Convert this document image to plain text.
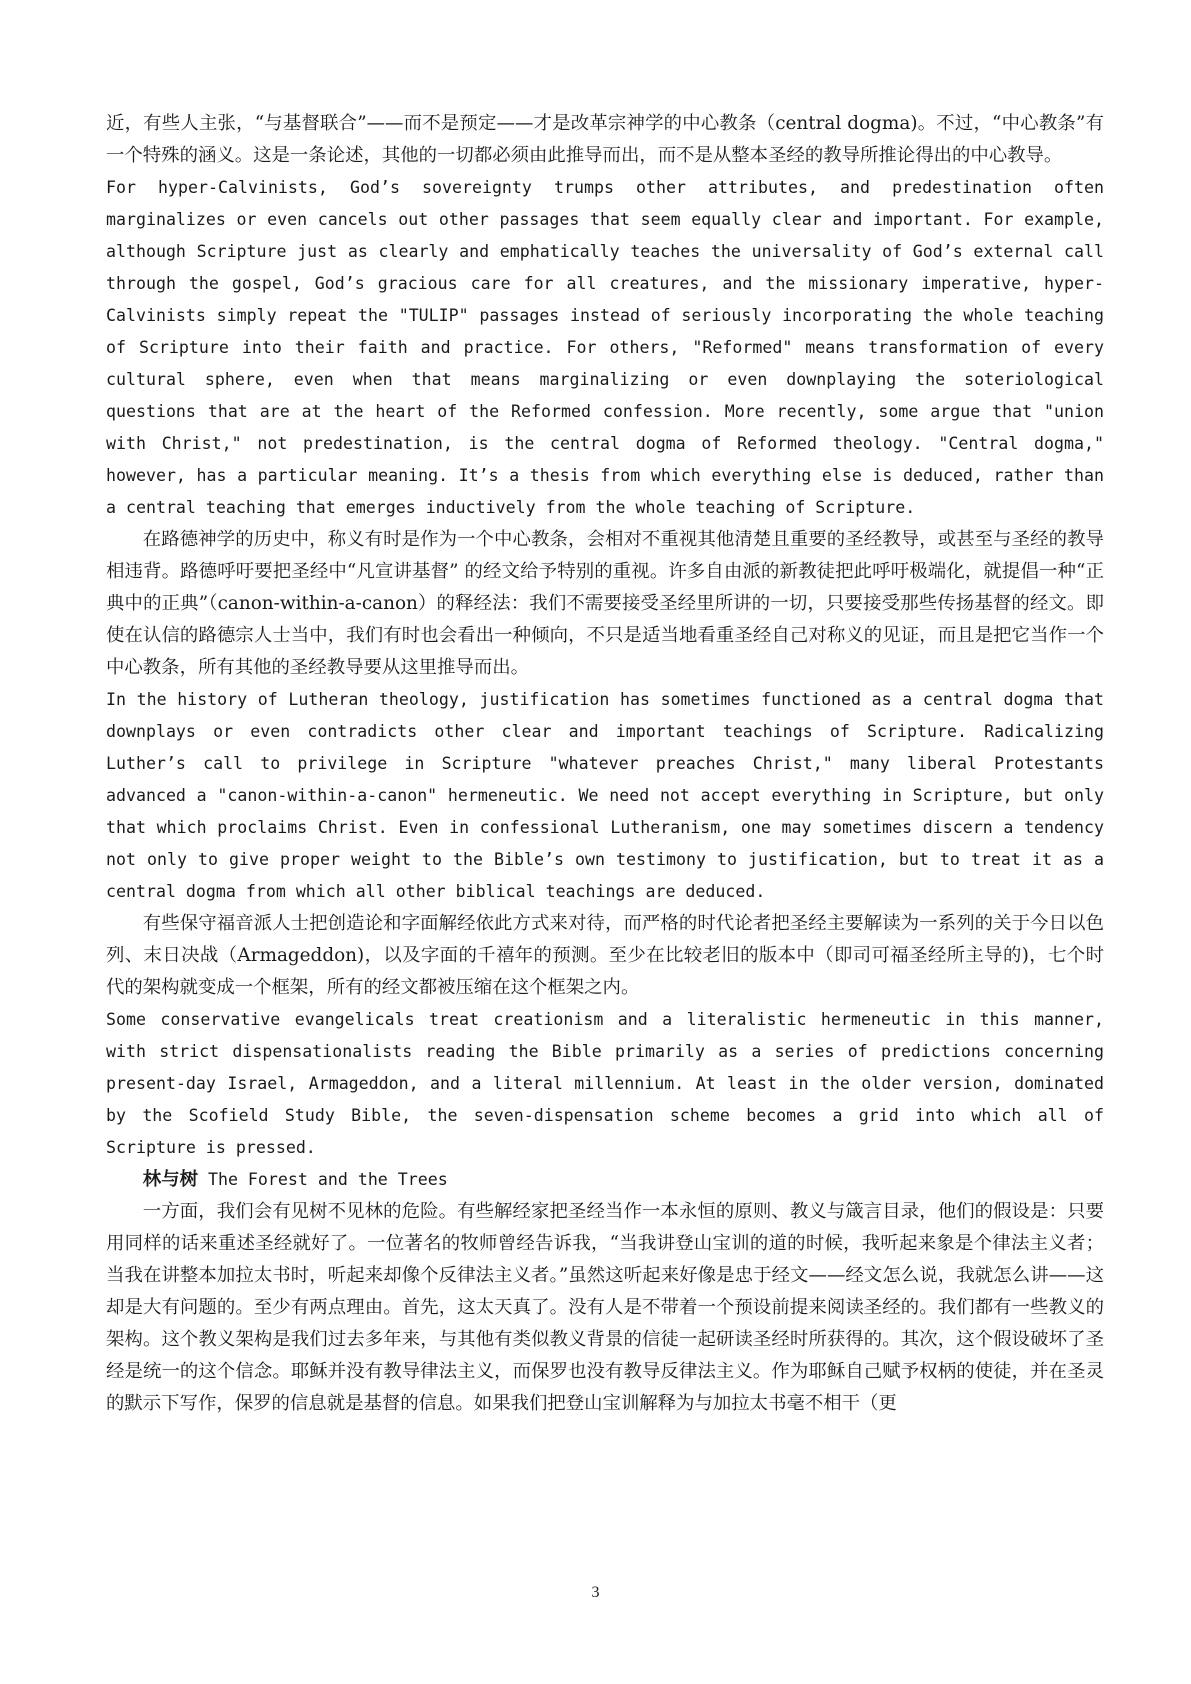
近，有些人主张，“与基督联合”——而不是预定——才是改革宗神学的中心教条（central dogma)。不过，“中心教条”有一个特殊的涵义。这是一条论述，其他的一切都必须由此推导而出，而不是从整本圣经的教导所推论得出的中心教导。

For hyper-Calvinists, God’s sovereignty trumps other attributes, and predestination often marginalizes or even cancels out other passages that seem equally clear and important. For example, although Scripture just as clearly and emphatically teaches the universality of God’s external call through the gospel, God’s gracious care for all creatures, and the missionary imperative, hyper-Calvinists simply repeat the "TULIP" passages instead of seriously incorporating the whole teaching of Scripture into their faith and practice. For others, "Reformed" means transformation of every cultural sphere, even when that means marginalizing or even downplaying the soteriological questions that are at the heart of the Reformed confession. More recently, some argue that "union with Christ," not predestination, is the central dogma of Reformed theology. "Central dogma," however, has a particular meaning. It’s a thesis from which everything else is deduced, rather than a central teaching that emerges inductively from the whole teaching of Scripture.

在路德神学的历史中，称义有时是作为一个中心教条，会相对不重视其他清楚且重要的圣经教导，或甚至与圣经的教导相违背。路德呼吁要把圣经中“凡宣讲基督” 的经文给予特别的重视。许多自由派的新教徒把此呼吁极端化，就提倡一种“正典中的正典”（canon-within-a-canon）的释经法：我们不需要接受圣经里所讲的一切，只要接受那些传扬基督的经文。即使在认信的路德宗人士当中，我们有时也会看出一种倾向，不只是适当地看重圣经自己对称义的见证，而且是把它当作一个中心教条，所有其他的圣经教导要从这里推导而出。

In the history of Lutheran theology, justification has sometimes functioned as a central dogma that downplays or even contradicts other clear and important teachings of Scripture. Radicalizing Luther’s call to privilege in Scripture "whatever preaches Christ," many liberal Protestants advanced a "canon-within-a-canon" hermeneutic. We need not accept everything in Scripture, but only that which proclaims Christ. Even in confessional Lutheranism, one may sometimes discern a tendency not only to give proper weight to the Bible’s own testimony to justification, but to treat it as a central dogma from which all other biblical teachings are deduced.

有些保守福音派人士把创造论和字面解经依此方式来对待，而严格的时代论者把圣经主要解读为一系列的关于今日以色列、末日决战（Armageddon)，以及字面的千禧年的预测。至少在比较老旧的版本中（即司可福圣经所主导的)，七个时代的架构就变成一个框架，所有的经文都被压缩在这个框架之内。

Some conservative evangelicals treat creationism and a literalistic hermeneutic in this manner, with strict dispensationalists reading the Bible primarily as a series of predictions concerning present-day Israel, Armageddon, and a literal millennium. At least in the older version, dominated by the Scofield Study Bible, the seven-dispensation scheme becomes a grid into which all of Scripture is pressed.

林与树 The Forest and the Trees

一方面，我们会有见树不见林的危险。有些解经家把圣经当作一本永恒的原则、教义与箴言目录，他们的假设是：只要用同样的话来重述圣经就好了。一位著名的牧师曾经告诉我，“当我讲登山宝训的道的时候，我听起来象是个律法主义者；当我在讲整本加拉太书时，听起来却像个反律法主义者。”虽然这听起来好像是忠于经文——经文怎么说，我就怎么讲——这却是大有问题的。至少有两点理由。首先，这太天真了。没有人是不带着一个预设前提来阅读圣经的。我们都有一些教义的架构。这个教义架构是我们过去多年来，与其他有类似教义背景的信徒一起研读圣经时所获得的。其次，这个假设破坏了圣经是统一的这个信念。耶稣并没有教导律法主义，而保罗也没有教导反律法主义。作为耶稣自己赋予权柄的使徒，并在圣灵的默示下写作，保罗的信息就是基督的信息。如果我们把登山宝训解释为与加拉太书毫不相干（更

3
